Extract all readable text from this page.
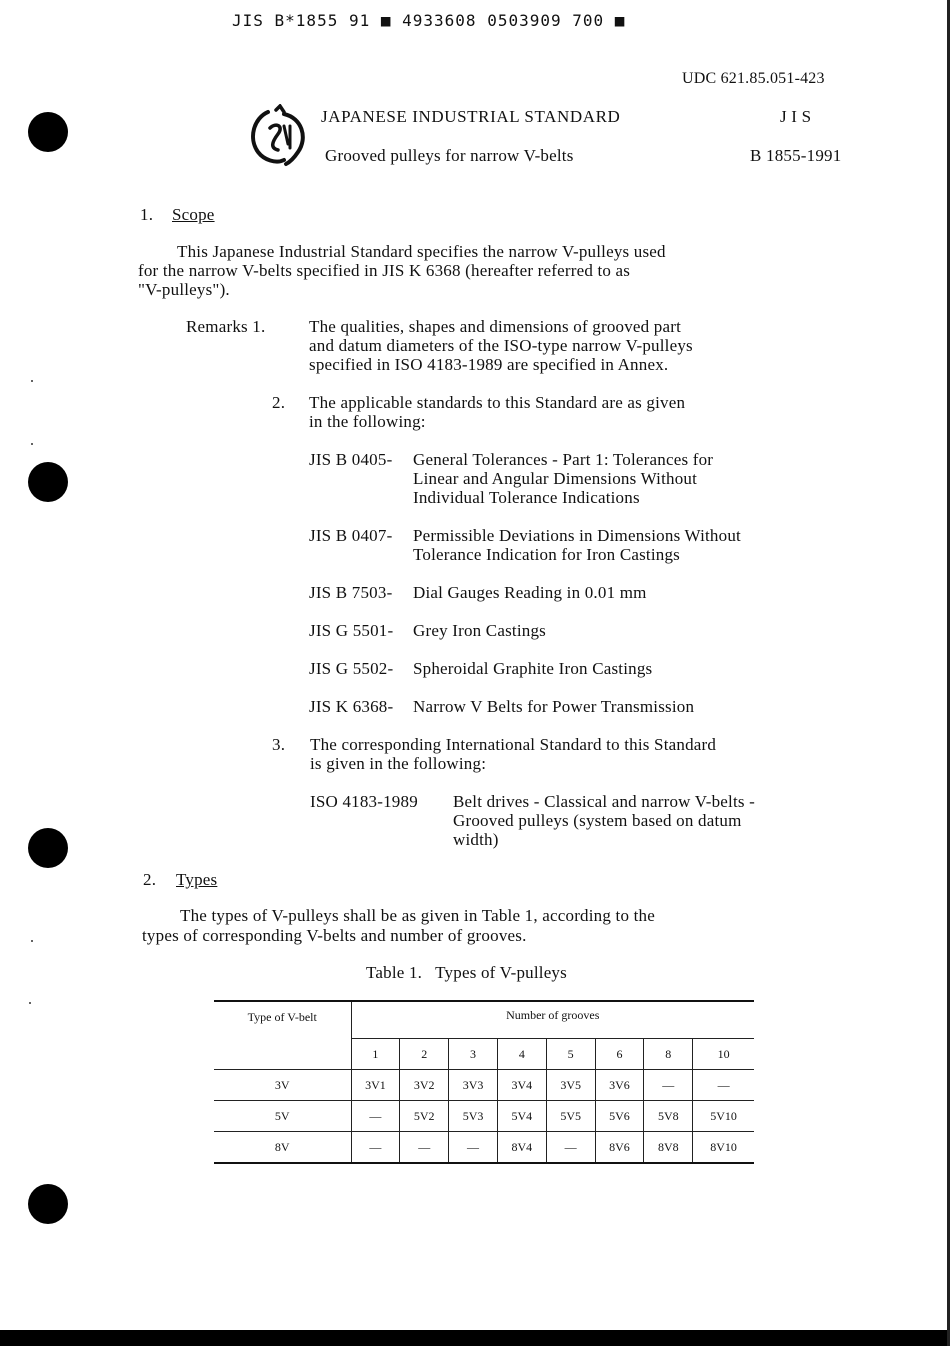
JIS B*1855 91 ■ 4933608 0503909 700 ■
UDC 621.85.051-423
JAPANESE INDUSTRIAL STANDARD	J I S
Grooved pulleys for narrow V-belts	B 1855-1991
1. Scope
This Japanese Industrial Standard specifies the narrow V-pulleys used
for the narrow V-belts specified in JIS K 6368 (hereafter referred to as
"V-pulleys").
Remarks 1.	The qualities, shapes and dimensions of grooved part
and datum diameters of the ISO-type narrow V-pulleys
specified in ISO 4183-1989 are specified in Annex.
2. The applicable standards to this Standard are as given
in the following:
JIS B 0405- General Tolerances - Part 1: Tolerances for
Linear and Angular Dimensions Without
Individual Tolerance Indications
JIS B 0407- Permissible Deviations in Dimensions Without
Tolerance Indication for Iron Castings
JIS B 7503- Dial Gauges Reading in 0.01 mm
JIS G 5501- Grey Iron Castings
JIS G 5502- Spheroidal Graphite Iron Castings
JIS K 6368- Narrow V Belts for Power Transmission
3. The corresponding International Standard to this Standard
is given in the following:
ISO 4183-1989 Belt drives - Classical and narrow V-belts -
Grooved pulleys (system based on datum
width)
2. Types
The types of V-pulleys shall be as given in Table 1, according to the
types of corresponding V-belts and number of grooves.
Table 1.   Types of V-pulleys
Type of V-belt	Number of grooves							
	1	2	3	4	5	6	8	10
3V	3V1	3V2	3V3	3V4	3V5	3V6	—	—
5V	—	5V2	5V3	5V4	5V5	5V6	5V8	5V10
8V	—	—	—	8V4	—	8V6	8V8	8V10
